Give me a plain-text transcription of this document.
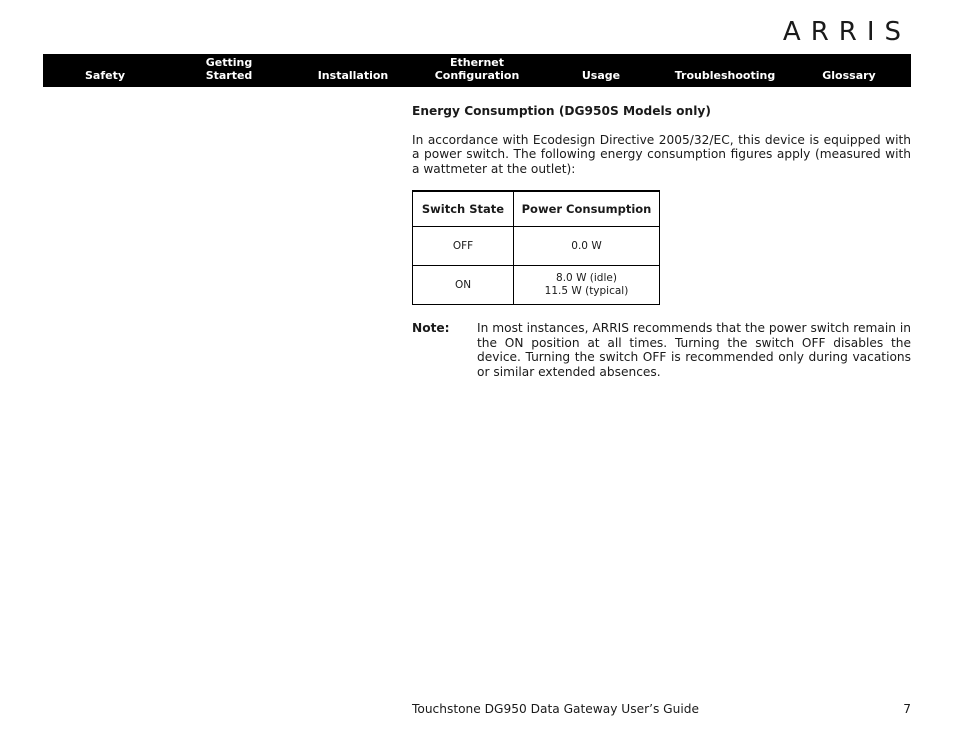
ARRIS
Safety
Getting
Started	Installation
Ethernet
Configuration	Usage	Troubleshooting	Glossary
Energy Consumption (DG950S Models only)

In accordance with Ecodesign Directive 2005/32/EC, this device is equipped with a power switch. The following energy consumption figures apply (measured with a wattmeter at the outlet):

Switch State	Power Consumption
OFF	0.0 W
ON	8.0 W (idle)
11.5 W (typical)
Note:	In most instances, ARRIS recommends that the power switch remain in the ON position at all times. Turning the switch OFF disables the device. Turning the switch OFF is recommended only during vacations or similar extended absences.
Touchstone DG950 Data Gateway User’s Guide	7
